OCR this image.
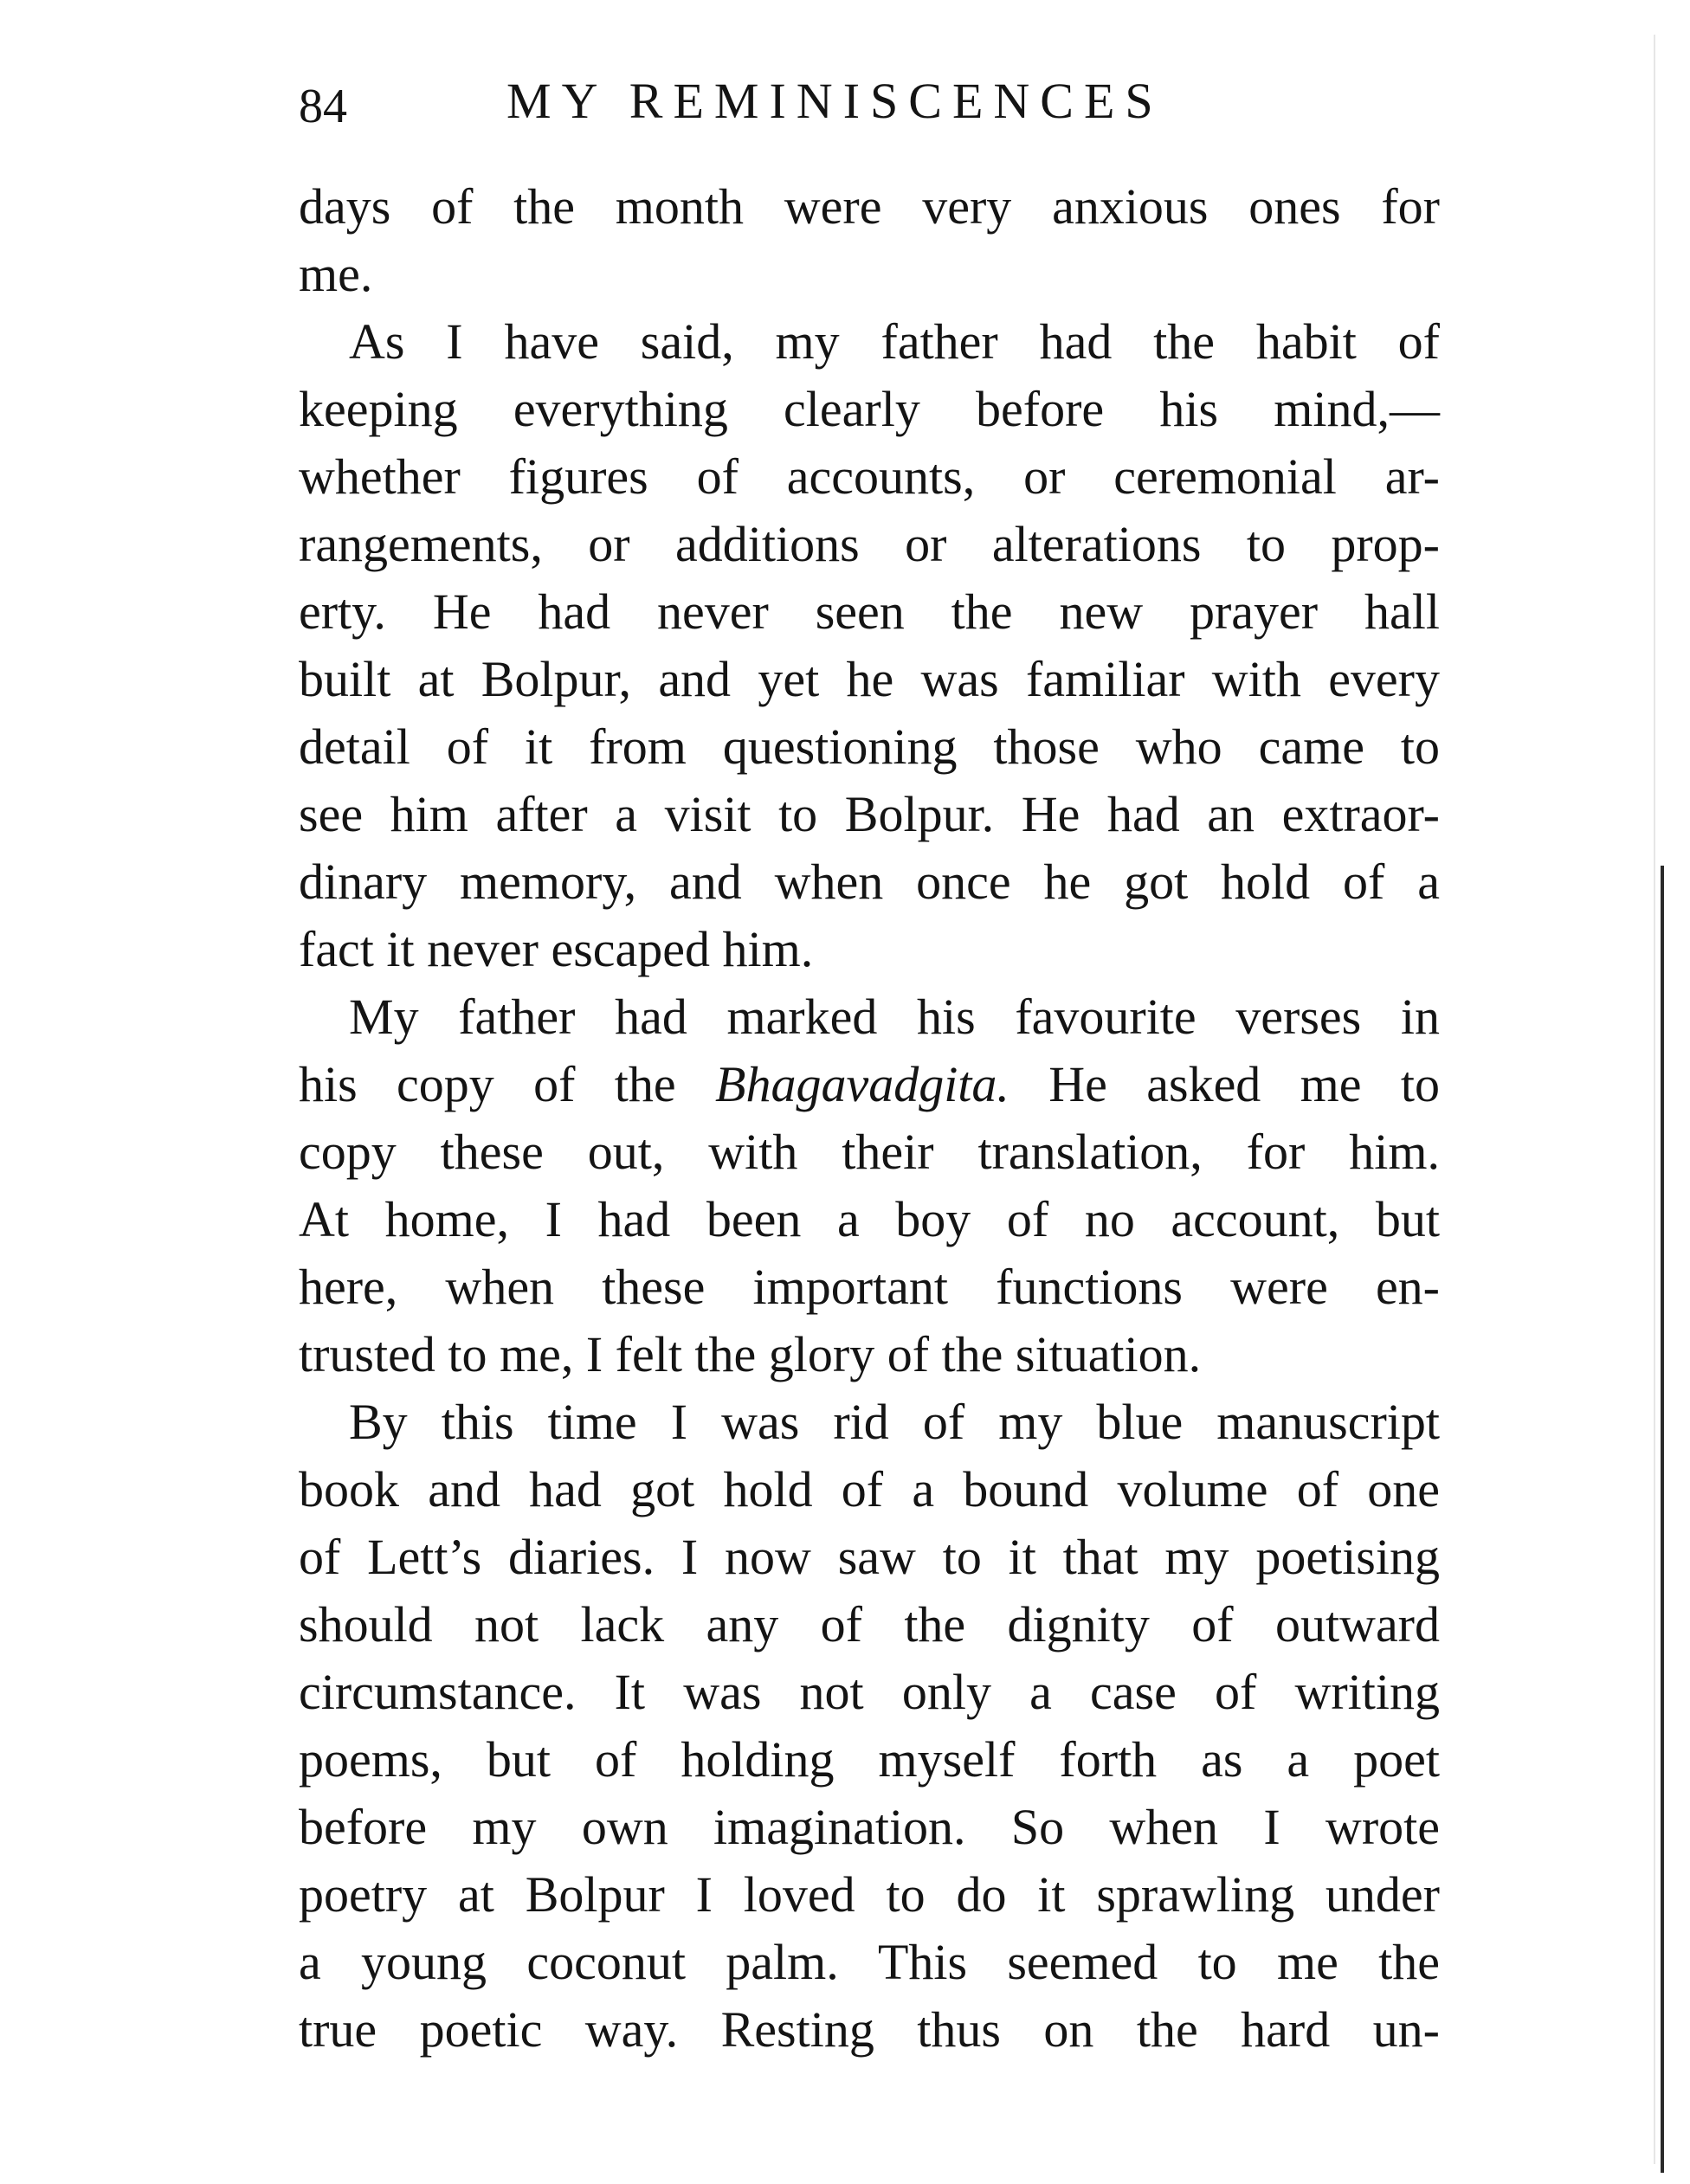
84	MY REMINISCENCES
days of the month were very anxious ones for
me.
As I have said, my father had the habit of
keeping everything clearly before his mind,—
whether figures of accounts, or ceremonial ar-
rangements, or additions or alterations to prop-
erty. He had never seen the new prayer hall
built at Bolpur, and yet he was familiar with every
detail of it from questioning those who came to
see him after a visit to Bolpur. He had an extraor-
dinary memory, and when once he got hold of a
fact it never escaped him.
My father had marked his favourite verses in
his copy of the Bhagavadgita. He asked me to
copy these out, with their translation, for him.
At home, I had been a boy of no account, but
here, when these important functions were en-
trusted to me, I felt the glory of the situation.
By this time I was rid of my blue manuscript
book and had got hold of a bound volume of one
of Lett’s diaries. I now saw to it that my poetising
should not lack any of the dignity of outward
circumstance. It was not only a case of writing
poems, but of holding myself forth as a poet
before my own imagination. So when I wrote
poetry at Bolpur I loved to do it sprawling under
a young coconut palm. This seemed to me the
true poetic way. Resting thus on the hard un-
